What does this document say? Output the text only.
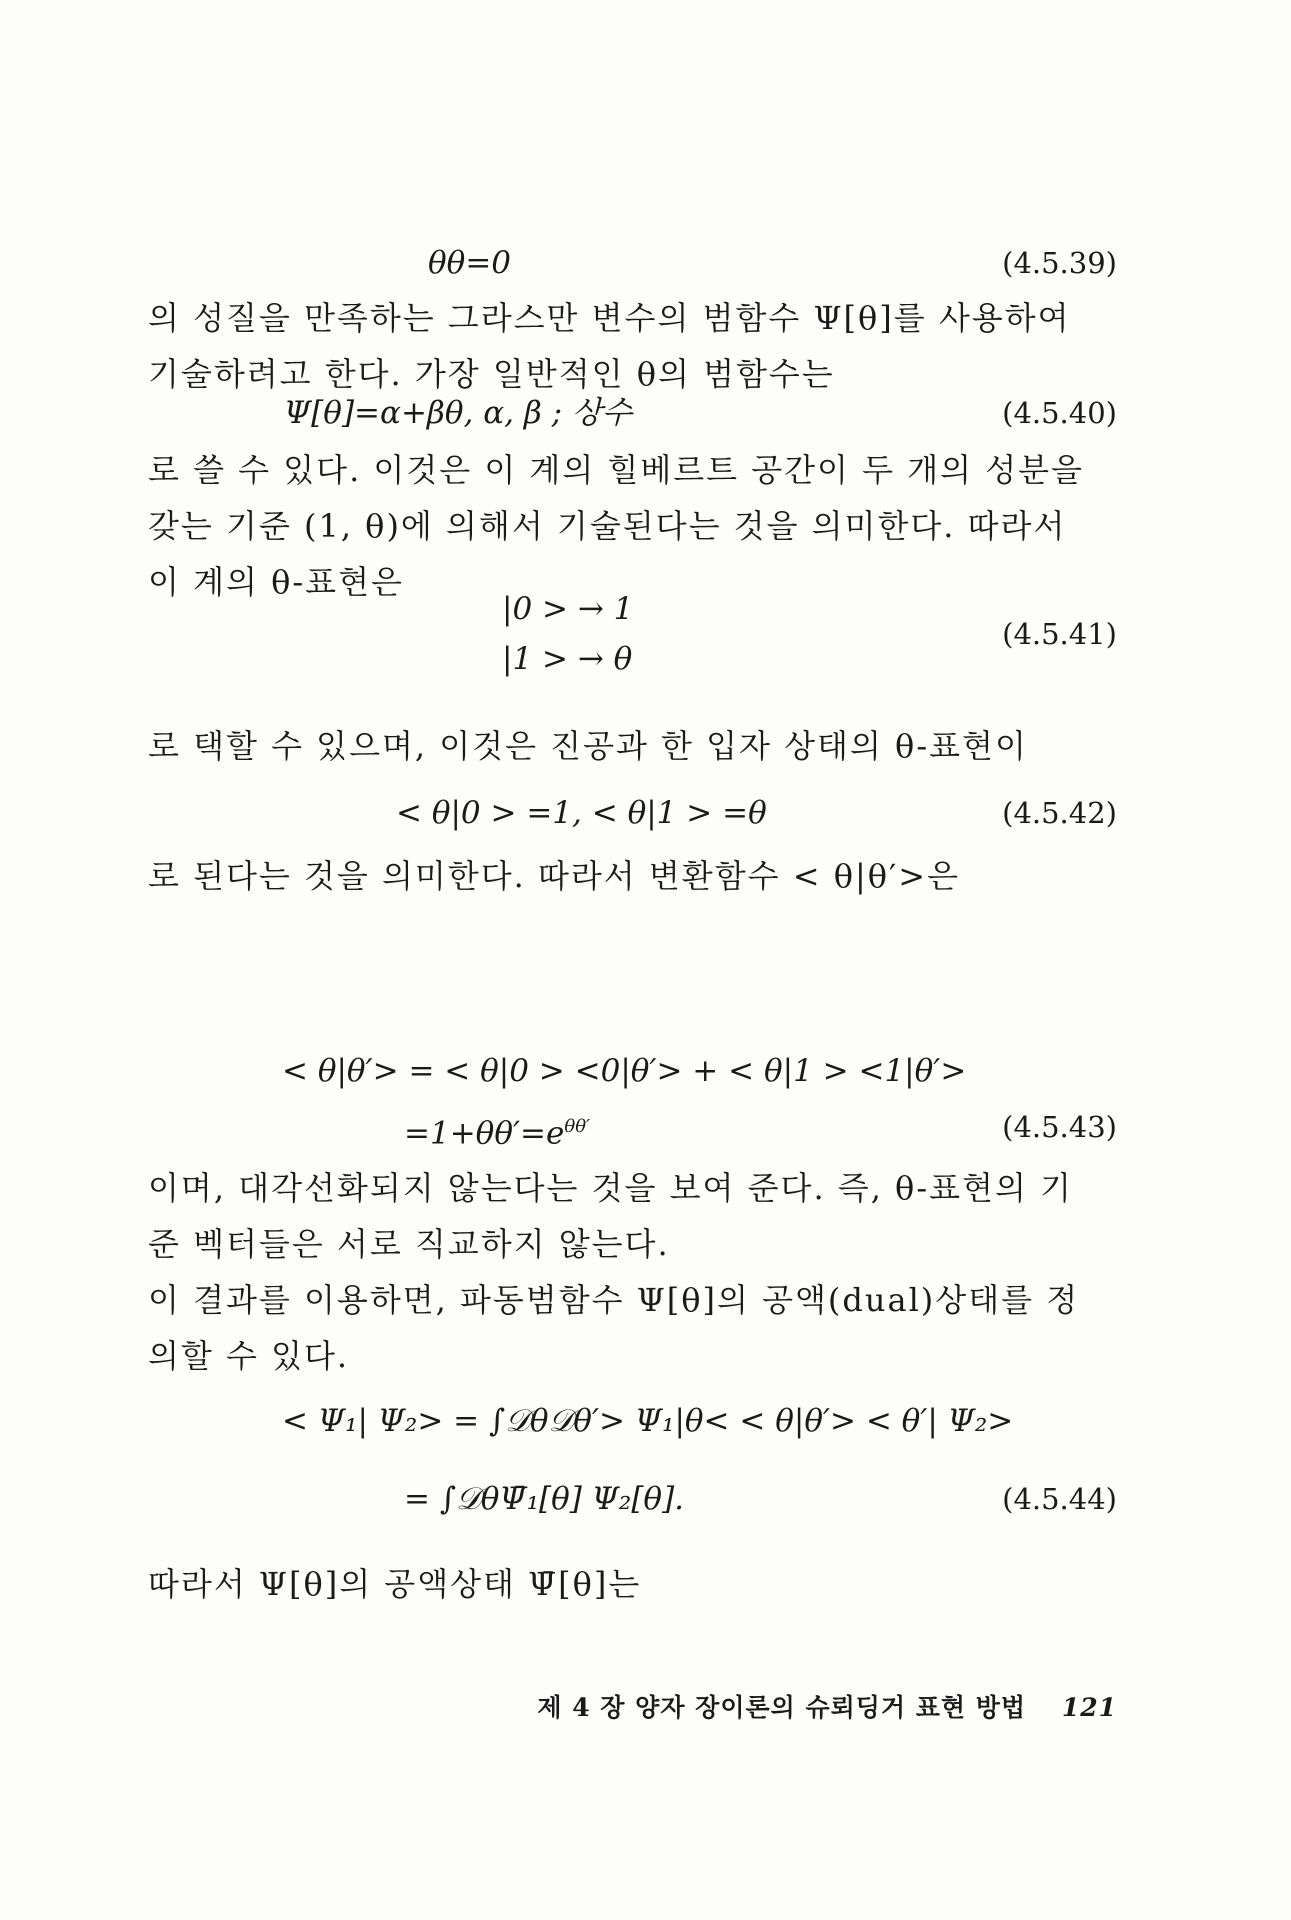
θθ=0	(4.5.39)

의 성질을 만족하는 그라스만 변수의 범함수 Ψ[θ]를 사용하여

기술하려고 한다. 가장 일반적인 θ의 범함수는

Ψ[θ]=α+βθ, α, β ; 상수	(4.5.40)

로 쓸 수 있다. 이것은 이 계의 힐베르트 공간이 두 개의 성분을

갖는 기준 (1, θ)에 의해서 기술된다는 것을 의미한다. 따라서

이 계의 θ-표현은

|0 > → 1
|1 > → θ
(4.5.41)

로 택할 수 있으며, 이것은 진공과 한 입자 상태의 θ-표현이

< θ|0 > =1, < θ|1 > =θ	(4.5.42)

로 된다는 것을 의미한다. 따라서 변환함수 < θ|θ′>은

< θ|θ′> = < θ|0 > <0|θ′> + < θ|1 > <1|θ′>
$=1+\theta\theta'=e^{\theta\theta'}$	(4.5.43)

이며, 대각선화되지 않는다는 것을 보여 준다. 즉, θ-표현의 기

준 벡터들은 서로 직교하지 않는다.

이 결과를 이용하면, 파동범함수 Ψ[θ]의 공액(dual)상태를 정

의할 수 있다.

< Ψ₁| Ψ₂> = ∫𝒟θ𝒟θ′> Ψ₁|θ< < θ|θ′> < θ′| Ψ₂>
= ∫𝒟θΨ̄₁[θ] Ψ₂[θ].	(4.5.44)

따라서 Ψ[θ]의 공액상태 Ψ̄[θ]는

제 4 장 양자 장이론의 슈뢰딩거 표현 방법 121
